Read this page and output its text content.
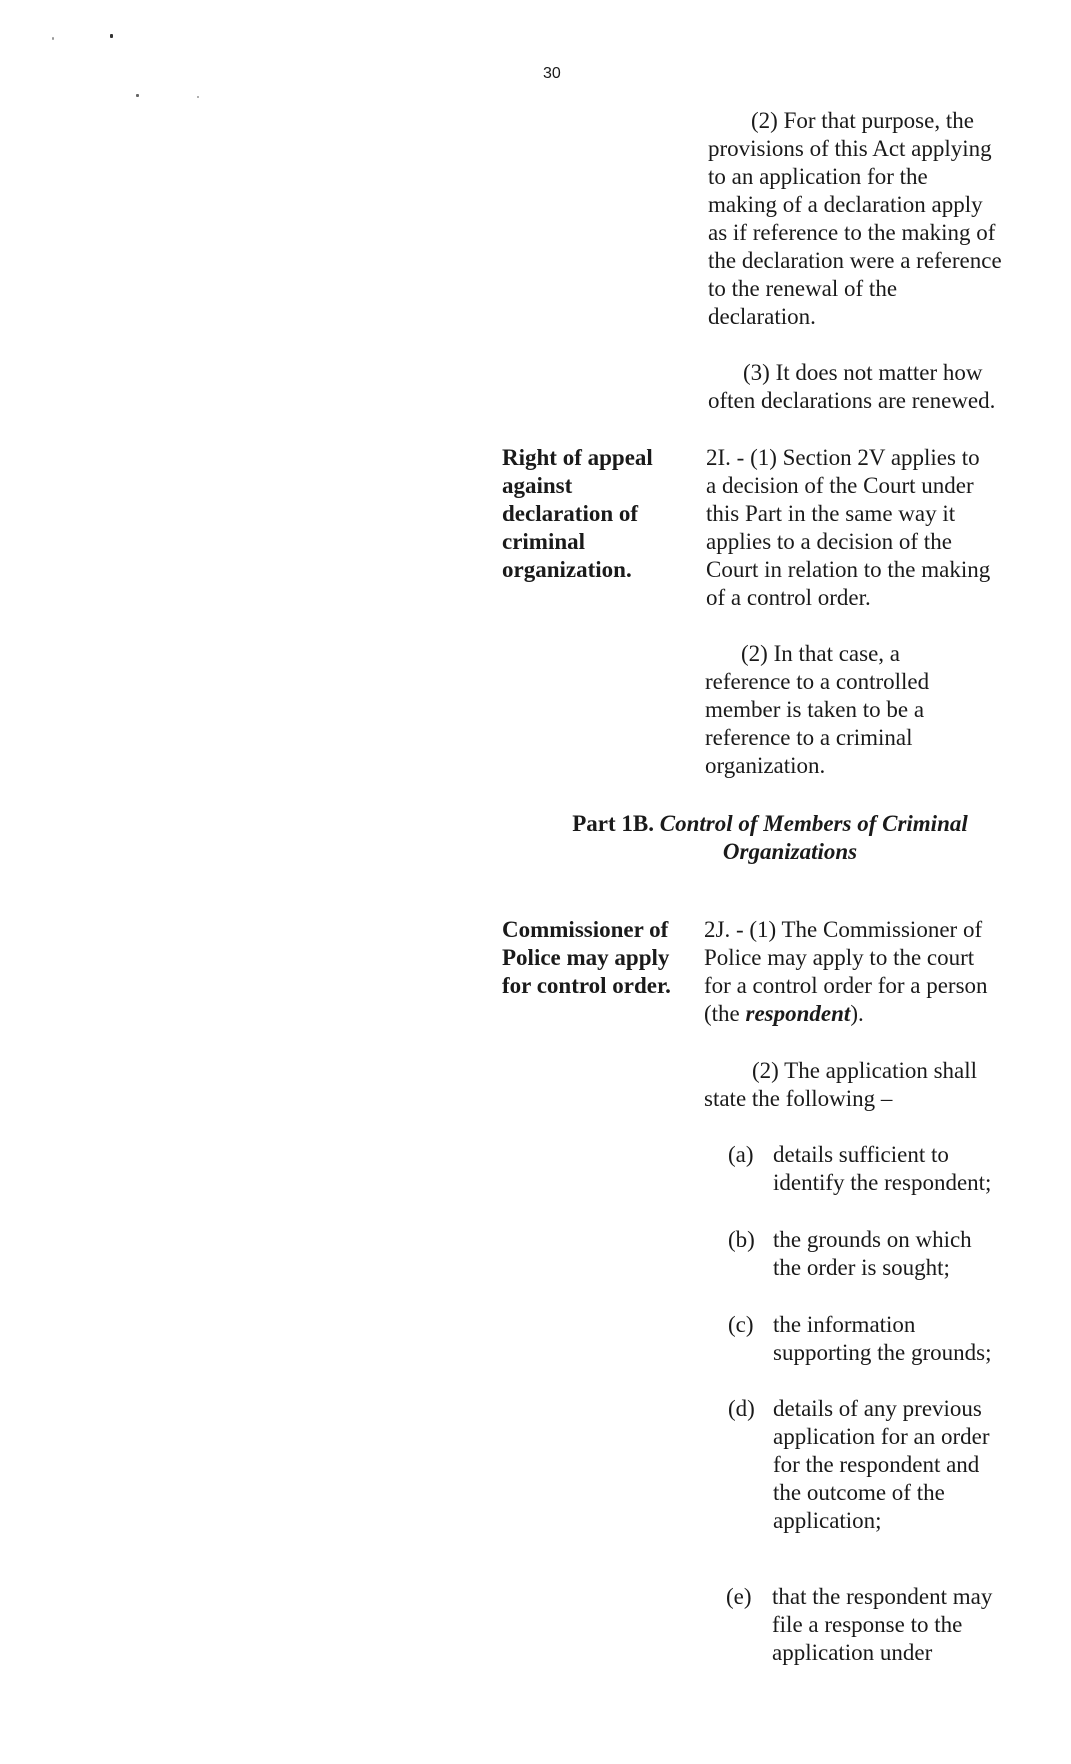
30
(2) For that purpose, the
provisions of this Act applying
to an application for the
making of a declaration apply
as if reference to the making of
the declaration were a reference
to the renewal of the
declaration.
(3) It does not matter how
often declarations are renewed.
Right of appeal
against
declaration of
criminal
organization.
2I. - (1) Section 2V applies to
a decision of the Court under
this Part in the same way it
applies to a decision of the
Court in relation to the making
of a control order.
(2) In that case, a
reference to a controlled
member is taken to be a
reference to a criminal
organization.
Part 1B. Control of Members of Criminal
Organizations
Commissioner of
Police may apply
for control order.
2J. - (1) The Commissioner of
Police may apply to the court
for a control order for a person
(the respondent).
(2) The application shall
state the following –
(a) details sufficient to
identify the respondent;
(b) the grounds on which
the order is sought;
(c) the information
supporting the grounds;
(d) details of any previous
application for an order
for the respondent and
the outcome of the
application;
(e) that the respondent may
file a response to the
application under
